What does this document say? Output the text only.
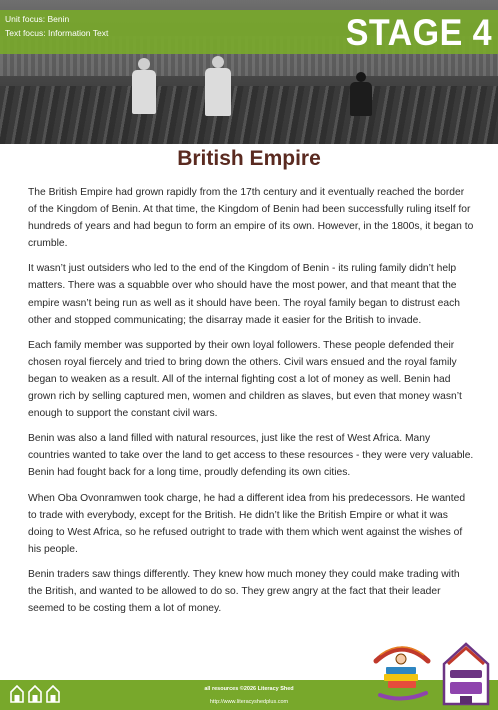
Unit focus: Benin
Text focus: Information Text	STAGE 4
British Empire

The British Empire had grown rapidly from the 17th century and it eventually reached the border of the Kingdom of Benin. At that time, the Kingdom of Benin had been successfully ruling itself for hundreds of years and had begun to form an empire of its own. However, in the 1800s, it began to crumble.

It wasn’t just outsiders who led to the end of the Kingdom of Benin - its ruling family didn’t help matters. There was a squabble over who should have the most power, and that meant that the empire wasn’t being run as well as it should have been. The royal family began to distrust each other and stopped communicating; the disarray made it easier for the British to invade.

Each family member was supported by their own loyal followers. These people defended their chosen royal fiercely and tried to bring down the others. Civil wars ensued and the royal family began to weaken as a result. All of the internal fighting cost a lot of money as well. Benin had grown rich by selling captured men, women and children as slaves, but even that money wasn’t enough to support the constant civil wars.

Benin was also a land filled with natural resources, just like the rest of West Africa. Many countries wanted to take over the land to get access to these resources - they were very valuable. Benin had fought back for a long time, proudly defending its own cities.

When Oba Ovonramwen took charge, he had a different idea from his predecessors. He wanted to trade with everybody, except for the British. He didn’t like the British Empire or what it was doing to West Africa, so he refused outright to trade with them which went against the wishes of his people.

Benin traders saw things differently. They knew how much money they could make trading with the British, and wanted to be allowed to do so. They grew angry at the fact that their leader seemed to be costing them a lot of money.

all resources ©2026 Literacy Shed
http://www.literacyshedplus.com
